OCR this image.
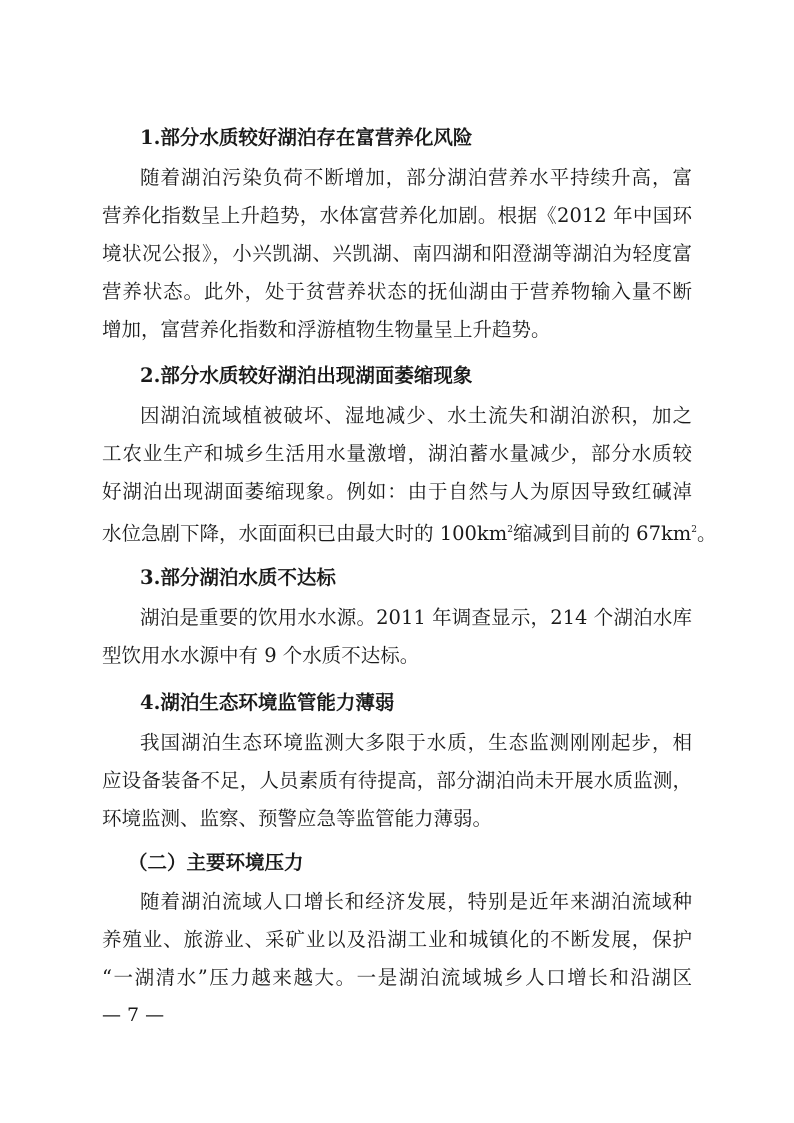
1.部分水质较好湖泊存在富营养化风险
随着湖泊污染负荷不断增加，部分湖泊营养水平持续升高，富
营养化指数呈上升趋势，水体富营养化加剧。根据《2012 年中国环
境状况公报》，小兴凯湖、兴凯湖、南四湖和阳澄湖等湖泊为轻度富
营养状态。此外，处于贫营养状态的抚仙湖由于营养物输入量不断
增加，富营养化指数和浮游植物生物量呈上升趋势。
2.部分水质较好湖泊出现湖面萎缩现象
因湖泊流域植被破坏、湿地减少、水土流失和湖泊淤积，加之
工农业生产和城乡生活用水量激增，湖泊蓄水量减少，部分水质较
好湖泊出现湖面萎缩现象。例如：由于自然与人为原因导致红碱淖
水位急剧下降，水面面积已由最大时的 $100km^2$缩减到目前的 $67km^2$。
3.部分湖泊水质不达标
湖泊是重要的饮用水水源。2011 年调查显示，214 个湖泊水库
型饮用水水源中有 9 个水质不达标。
4.湖泊生态环境监管能力薄弱
我国湖泊生态环境监测大多限于水质，生态监测刚刚起步，相
应设备装备不足，人员素质有待提高，部分湖泊尚未开展水质监测，
环境监测、监察、预警应急等监管能力薄弱。
（二）主要环境压力
随着湖泊流域人口增长和经济发展，特别是近年来湖泊流域种
养殖业、旅游业、采矿业以及沿湖工业和城镇化的不断发展，保护
“一湖清水”压力越来越大。一是湖泊流域城乡人口增长和沿湖区
— 7 —
